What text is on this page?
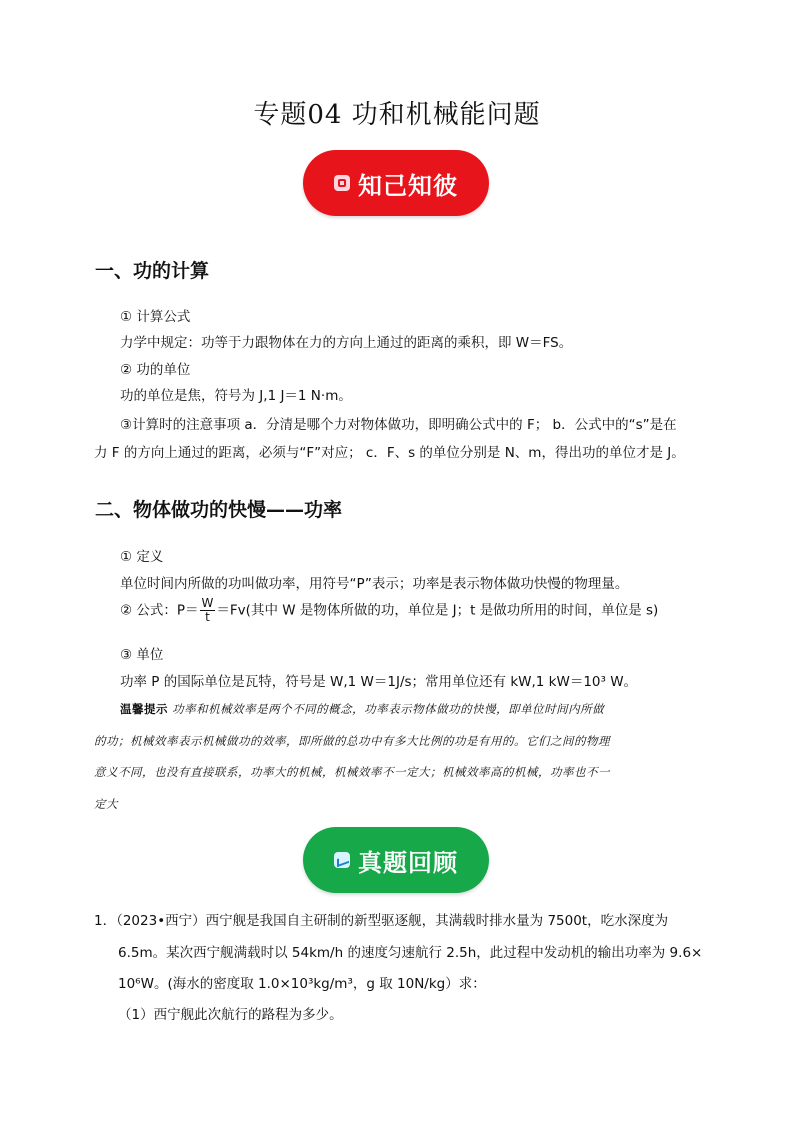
专题04 功和机械能问题
知己知彼
一、功的计算
① 计算公式
力学中规定：功等于力跟物体在力的方向上通过的距离的乘积，即 W＝FS。
② 功的单位
功的单位是焦，符号为 J,1 J＝1 N·m。
③计算时的注意事项 a．分清是哪个力对物体做功，即明确公式中的 F； b．公式中的“s”是在
力 F 的方向上通过的距离，必须与“F”对应； c．F、s 的单位分别是 N、m，得出功的单位才是 J。
二、物体做功的快慢——功率
① 定义
单位时间内所做的功叫做功率，用符号“P”表示；功率是表示物体做功快慢的物理量。
② 公式：$P= \frac{W}{t} =Fv$(其中 W 是物体所做的功，单位是 J；t 是做功所用的时间，单位是 s)
③ 单位
功率 P 的国际单位是瓦特，符号是 W,1 W＝1J/s；常用单位还有 kW,1 kW＝10³ W。
温馨提示 功率和机械效率是两个不同的概念，功率表示物体做功的快慢，即单位时间内所做
的功；机械效率表示机械做功的效率，即所做的总功中有多大比例的功是有用的。它们之间的物理
意义不同，也没有直接联系，功率大的机械，机械效率不一定大；机械效率高的机械，功率也不一
定大
真题回顾
1．（2023•西宁）西宁舰是我国自主研制的新型驱逐舰，其满载时排水量为 7500t，吃水深度为
6.5m。某次西宁舰满载时以 54km/h 的速度匀速航行 2.5h，此过程中发动机的输出功率为 9.6×
10⁶W。(海水的密度取 1.0×10³kg/m³，g 取 10N/kg）求：
（1）西宁舰此次航行的路程为多少。
